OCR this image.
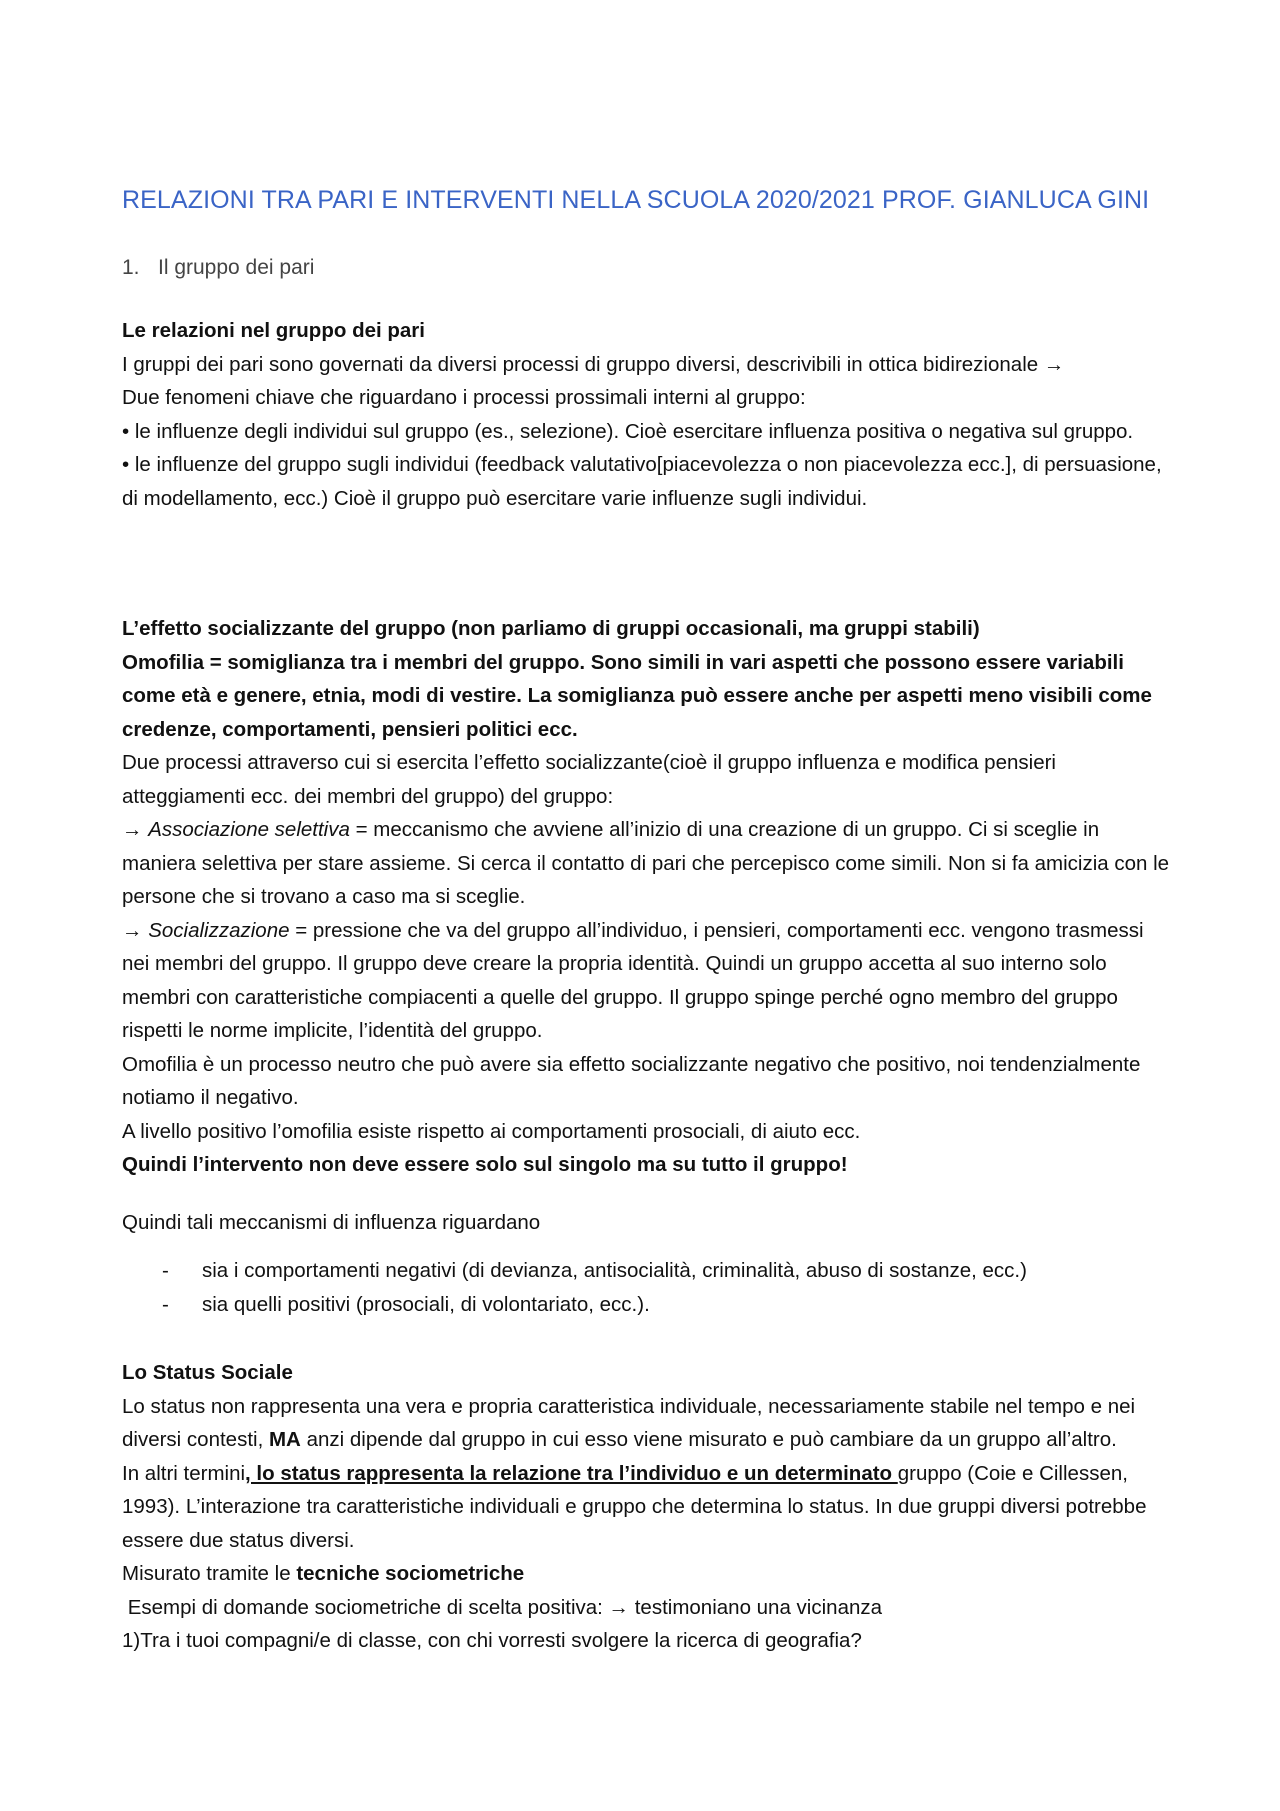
RELAZIONI TRA PARI E INTERVENTI NELLA SCUOLA 2020/2021 PROF. GIANLUCA GINI
1. Il gruppo dei pari

Le relazioni nel gruppo dei pari

I gruppi dei pari sono governati da diversi processi di gruppo diversi, descrivibili in ottica bidirezionale →

Due fenomeni chiave che riguardano i processi prossimali interni al gruppo:

• le influenze degli individui sul gruppo (es., selezione). Cioè esercitare influenza positiva o negativa sul gruppo.

• le influenze del gruppo sugli individui (feedback valutativo[piacevolezza o non piacevolezza ecc.], di persuasione, di modellamento, ecc.) Cioè il gruppo può esercitare varie influenze sugli individui.

L’effetto socializzante del gruppo (non parliamo di gruppi occasionali, ma gruppi stabili)

Omofilia = somiglianza tra i membri del gruppo. Sono simili in vari aspetti che possono essere variabili come età e genere, etnia, modi di vestire. La somiglianza può essere anche per aspetti meno visibili come credenze, comportamenti, pensieri politici ecc.

Due processi attraverso cui si esercita l’effetto socializzante(cioè il gruppo influenza e modifica pensieri atteggiamenti ecc. dei membri del gruppo) del gruppo:

→ Associazione selettiva = meccanismo che avviene all’inizio di una creazione di un gruppo. Ci si sceglie in maniera selettiva per stare assieme. Si cerca il contatto di pari che percepisco come simili. Non si fa amicizia con le persone che si trovano a caso ma si sceglie.

→ Socializzazione = pressione che va del gruppo all’individuo, i pensieri, comportamenti ecc. vengono trasmessi nei membri del gruppo. Il gruppo deve creare la propria identità. Quindi un gruppo accetta al suo interno solo membri con caratteristiche compiacenti a quelle del gruppo. Il gruppo spinge perché ogno membro del gruppo rispetti le norme implicite, l’identità del gruppo.

Omofilia è un processo neutro che può avere sia effetto socializzante negativo che positivo, noi tendenzialmente notiamo il negativo.

A livello positivo l’omofilia esiste rispetto ai comportamenti prosociali, di aiuto ecc.

Quindi l’intervento non deve essere solo sul singolo ma su tutto il gruppo!

Quindi tali meccanismi di influenza riguardano

- sia i comportamenti negativi (di devianza, antisocialità, criminalità, abuso di sostanze, ecc.)
- sia quelli positivi (prosociali, di volontariato, ecc.).

Lo Status Sociale

Lo status non rappresenta una vera e propria caratteristica individuale, necessariamente stabile nel tempo e nei diversi contesti, MA anzi dipende dal gruppo in cui esso viene misurato e può cambiare da un gruppo all’altro.

In altri termini, lo status rappresenta la relazione tra l’individuo e un determinato gruppo (Coie e Cillessen, 1993). L’interazione tra caratteristiche individuali e gruppo che determina lo status. In due gruppi diversi potrebbe essere due status diversi.

Misurato tramite le tecniche sociometriche

Esempi di domande sociometriche di scelta positiva: → testimoniano una vicinanza

1)Tra i tuoi compagni/e di classe, con chi vorresti svolgere la ricerca di geografia?
